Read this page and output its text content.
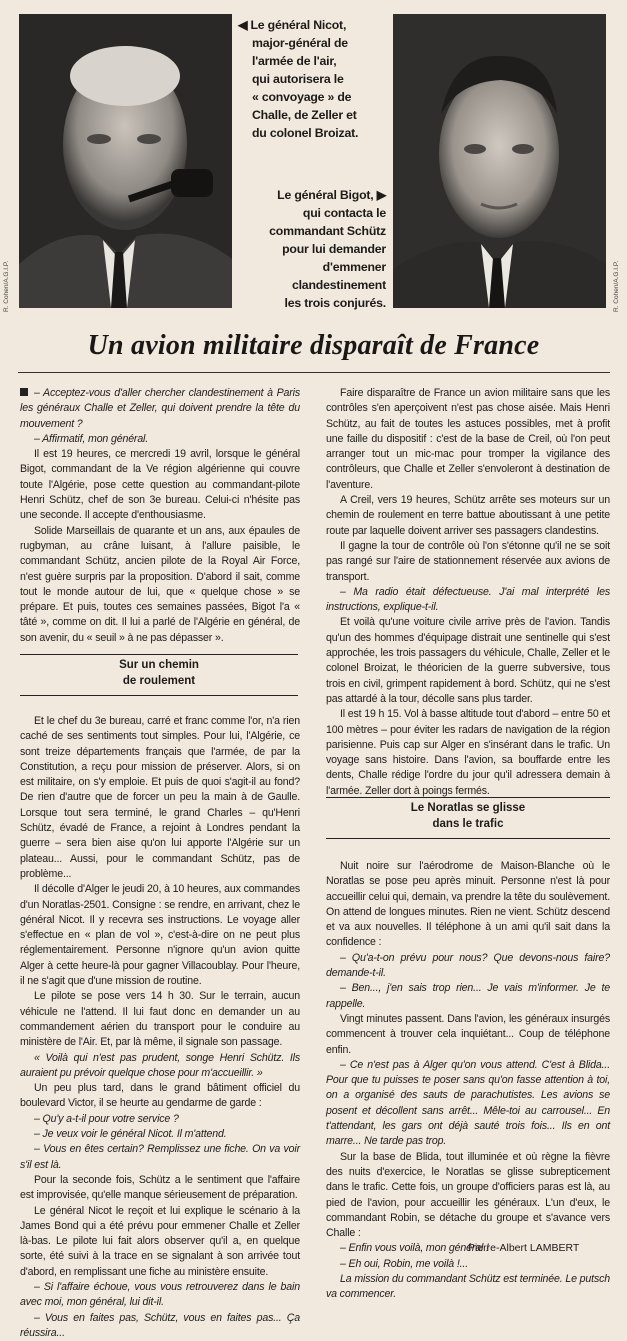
R. Cohen/A.G.I.P.	R. Cohen/A.G.I.P.
◀ Le général Nicot,
major-général de
l'armée de l'air,
qui autorisera le
« convoyage » de
Challe, de Zeller et
du colonel Broizat.
Le général Bigot, ▶
qui contacta le
commandant Schütz
pour lui demander
d'emmener
clandestinement
les trois conjurés.
Un avion militaire disparaît de France

– Acceptez-vous d'aller chercher clandestinement à Paris les généraux Challe et Zeller, qui doivent prendre la tête du mouvement ?

– Affirmatif, mon général.

Il est 19 heures, ce mercredi 19 avril, lorsque le général Bigot, commandant de la Ve région algérienne qui couvre toute l'Algérie, pose cette question au commandant-pilote Henri Schütz, chef de son 3e bureau. Celui-ci n'hésite pas une seconde. Il accepte d'enthousiasme.

Solide Marseillais de quarante et un ans, aux épaules de rugbyman, au crâne luisant, à l'allure paisible, le commandant Schütz, ancien pilote de la Royal Air Force, n'est guère surpris par la proposition. D'abord il sait, comme tout le monde autour de lui, que « quelque chose » se prépare. Et puis, toutes ces semaines passées, Bigot l'a « tâté », comme on dit. Il lui a parlé de l'Algérie en général, de son avenir, du « seuil » à ne pas dépasser ».

Sur un chemin
de roulement

Et le chef du 3e bureau, carré et franc comme l'or, n'a rien caché de ses sentiments tout simples. Pour lui, l'Algérie, ce sont treize départements français que l'armée, de par la Constitution, a reçu pour mission de préserver. Alors, si on est militaire, on s'y emploie. Et puis de quoi s'agit-il au fond? De rien d'autre que de forcer un peu la main à de Gaulle. Lorsque tout sera terminé, le grand Charles – qu'Henri Schütz, évadé de France, a rejoint à Londres pendant la guerre – sera bien aise qu'on lui apporte l'Algérie sur un plateau... Aussi, pour le commandant Schütz, pas de problème...

Il décolle d'Alger le jeudi 20, à 10 heures, aux commandes d'un Noratlas-2501. Consigne : se rendre, en arrivant, chez le général Nicot. Il y recevra ses instructions. Le voyage aller s'effectue en « plan de vol », c'est-à-dire on ne peut plus réglementairement. Personne n'ignore qu'un avion quitte Alger à cette heure-là pour gagner Villacoublay. Pour l'heure, il ne s'agit que d'une mission de routine.

Le pilote se pose vers 14 h 30. Sur le terrain, aucun véhicule ne l'attend. Il lui faut donc en demander un au commandement aérien du transport pour le conduire au ministère de l'Air. Et, par là même, il signale son passage.

« Voilà qui n'est pas prudent, songe Henri Schütz. Ils auraient pu prévoir quelque chose pour m'accueillir. »

Un peu plus tard, dans le grand bâtiment officiel du boulevard Victor, il se heurte au gendarme de garde :

– Qu'y a-t-il pour votre service ?

– Je veux voir le général Nicot. Il m'attend.

– Vous en êtes certain? Remplissez une fiche. On va voir s'il est là.

Pour la seconde fois, Schütz a le sentiment que l'affaire est improvisée, qu'elle manque sérieusement de préparation.

Le général Nicot le reçoit et lui explique le scénario à la James Bond qui a été prévu pour emmener Challe et Zeller là-bas. Le pilote lui fait alors observer qu'il a, en quelque sorte, été suivi à la trace en se signalant à son arrivée tout d'abord, en remplissant une fiche au ministère ensuite.

– Si l'affaire échoue, vous vous retrouverez dans le bain avec moi, mon général, lui dit-il.

– Vous en faites pas, Schütz, vous en faites pas... Ça réussira...

Faire disparaître de France un avion militaire sans que les contrôles s'en aperçoivent n'est pas chose aisée. Mais Henri Schütz, au fait de toutes les astuces possibles, met à profit une faille du dispositif : c'est de la base de Creil, où l'on peut arranger tout un mic-mac pour tromper la vigilance des contrôleurs, que Challe et Zeller s'envoleront à destination de l'aventure.

A Creil, vers 19 heures, Schütz arrête ses moteurs sur un chemin de roulement en terre battue aboutissant à une petite route par laquelle doivent arriver ses passagers clandestins.

Il gagne la tour de contrôle où l'on s'étonne qu'il ne se soit pas rangé sur l'aire de stationnement réservée aux avions de transport.

– Ma radio était défectueuse. J'ai mal interprété les instructions, explique-t-il.

Et voilà qu'une voiture civile arrive près de l'avion. Tandis qu'un des hommes d'équipage distrait une sentinelle qui s'est approchée, les trois passagers du véhicule, Challe, Zeller et le colonel Broizat, le théoricien de la guerre subversive, tous trois en civil, grimpent rapidement à bord. Schütz, qui ne s'est pas attardé à la tour, décolle sans plus tarder.

Il est 19 h 15. Vol à basse altitude tout d'abord – entre 50 et 100 mètres – pour éviter les radars de navigation de la région parisienne. Puis cap sur Alger en s'insérant dans le trafic. Un voyage sans histoire. Dans l'avion, sa bouffarde entre les dents, Challe rédige l'ordre du jour qu'il adressera demain à l'armée. Zeller dort à poings fermés.

Le Noratlas se glisse
dans le trafic

Nuit noire sur l'aérodrome de Maison-Blanche où le Noratlas se pose peu après minuit. Personne n'est là pour accueillir celui qui, demain, va prendre la tête du soulèvement. On attend de longues minutes. Rien ne vient. Schütz descend et va aux nouvelles. Il téléphone à un ami qu'il sait dans la confidence :

– Qu'a-t-on prévu pour nous? Que devons-nous faire? demande-t-il.

– Ben..., j'en sais trop rien... Je vais m'informer. Je te rappelle.

Vingt minutes passent. Dans l'avion, les généraux insurgés commencent à trouver cela inquiétant... Coup de téléphone enfin.

– Ce n'est pas à Alger qu'on vous attend. C'est à Blida... Pour que tu puisses te poser sans qu'on fasse attention à toi, on a organisé des sauts de parachutistes. Les avions se posent et décollent sans arrêt... Mêle-toi au carrousel... En t'attendant, les gars ont déjà sauté trois fois... Ils en ont marre... Ne tarde pas trop.

Sur la base de Blida, tout illuminée et où règne la fièvre des nuits d'exercice, le Noratlas se glisse subrepticement dans le trafic. Cette fois, un groupe d'officiers paras est là, au pied de l'avion, pour accueillir les généraux. L'un d'eux, le commandant Robin, se détache du groupe et s'avance vers Challe :

– Enfin vous voilà, mon général !

– Eh oui, Robin, me voilà !...

La mission du commandant Schütz est terminée. Le putsch va commencer.

Pierre-Albert LAMBERT
